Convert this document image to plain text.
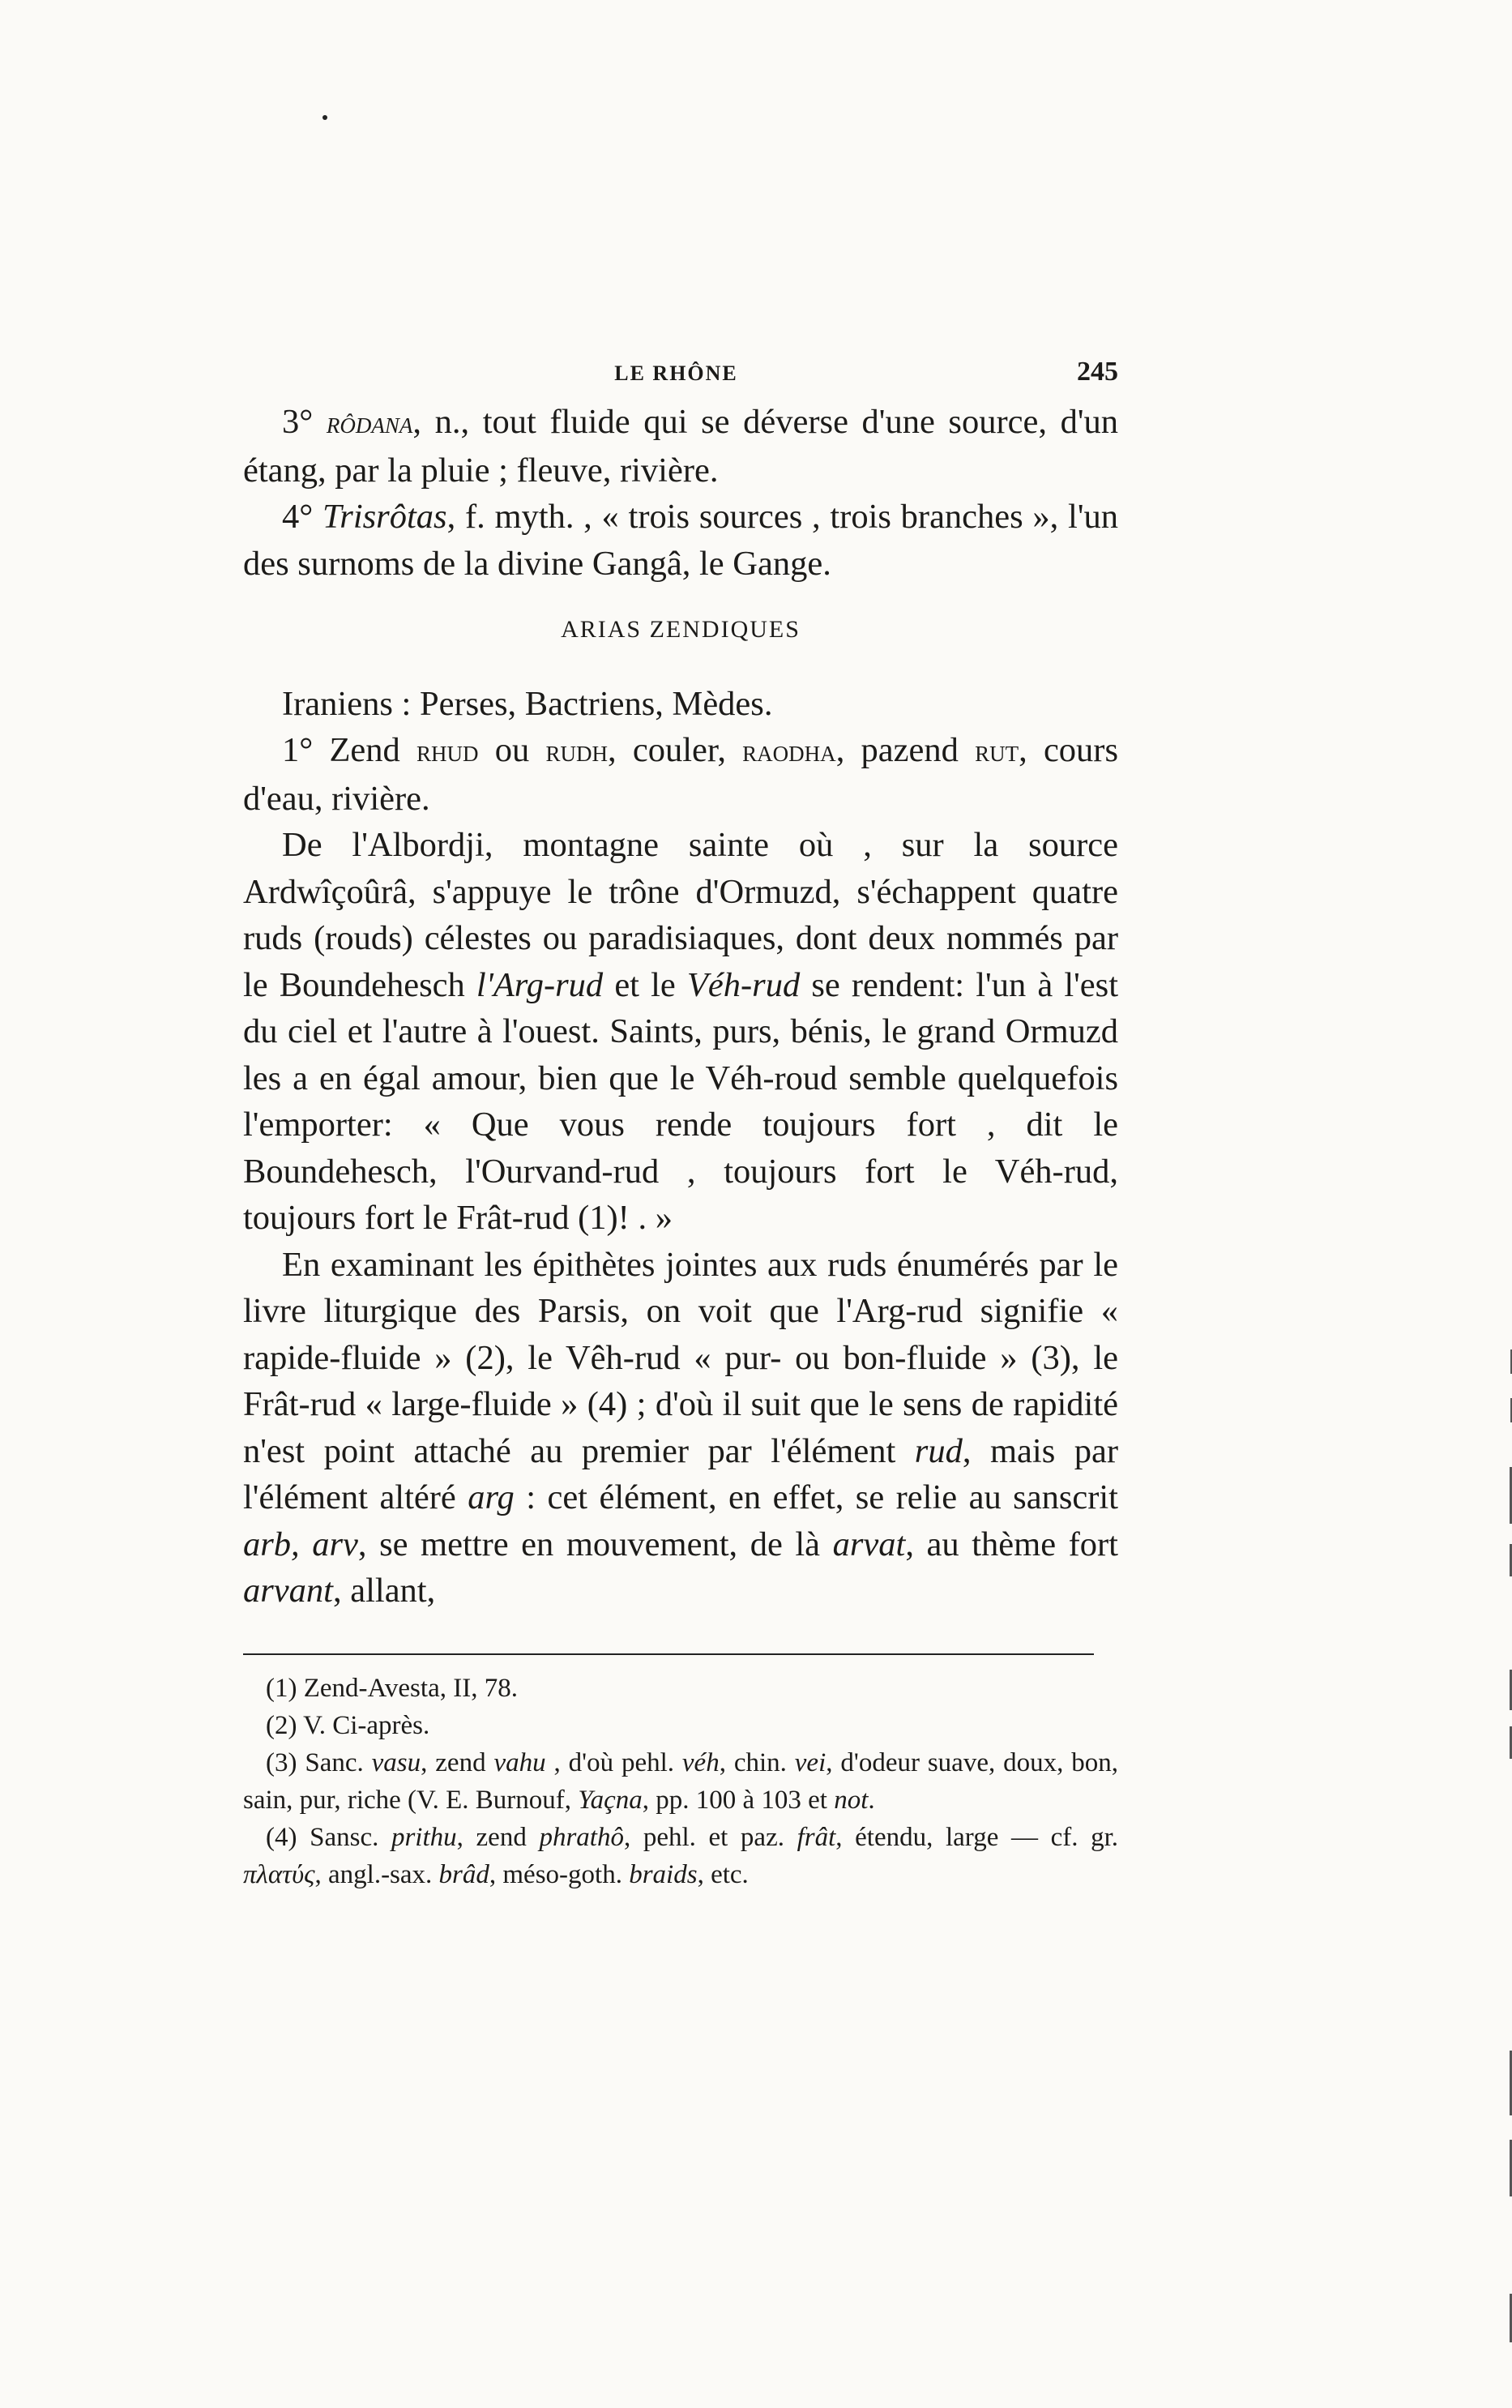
LE RHÔNE	245

3° rôdana, n., tout fluide qui se déverse d'une source, d'un étang, par la pluie ; fleuve, rivière.

4° Trisrôtas, f. myth. , « trois sources , trois branches », l'un des surnoms de la divine Gangâ, le Gange.

ARIAS ZENDIQUES

Iraniens : Perses, Bactriens, Mèdes.

1° Zend rhud ou rudh, couler, raodha, pazend rut, cours d'eau, rivière.

De l'Albordji, montagne sainte où , sur la source Ardwîçoûrâ, s'appuye le trône d'Ormuzd, s'échappent quatre ruds (rouds) célestes ou paradisiaques, dont deux nommés par le Boundehesch l'Arg-rud et le Véh-rud se rendent: l'un à l'est du ciel et l'autre à l'ouest. Saints, purs, bénis, le grand Ormuzd les a en égal amour, bien que le Véh-roud semble quelquefois l'emporter: « Que vous rende toujours fort , dit le Boundehesch, l'Ourvand-rud , toujours fort le Véh-rud, toujours fort le Frât-rud (1)! . »

En examinant les épithètes jointes aux ruds énumérés par le livre liturgique des Parsis, on voit que l'Arg-rud signifie « rapide-fluide » (2), le Vêh-rud « pur- ou bon-fluide » (3), le Frât-rud « large-fluide » (4) ; d'où il suit que le sens de rapidité n'est point attaché au premier par l'élément rud, mais par l'élément altéré arg : cet élément, en effet, se relie au sanscrit arb, arv, se mettre en mouvement, de là arvat, au thème fort arvant, allant,

(1) Zend-Avesta, II, 78.

(2) V. Ci-après.

(3) Sanc. vasu, zend vahu , d'où pehl. véh, chin. vei, d'odeur suave, doux, bon, sain, pur, riche (V. E. Burnouf, Yaçna, pp. 100 à 103 et not.

(4) Sansc. prithu, zend phrathô, pehl. et paz. frât, étendu, large — cf. gr. πλατύς, angl.-sax. brâd, méso-goth. braids, etc.
